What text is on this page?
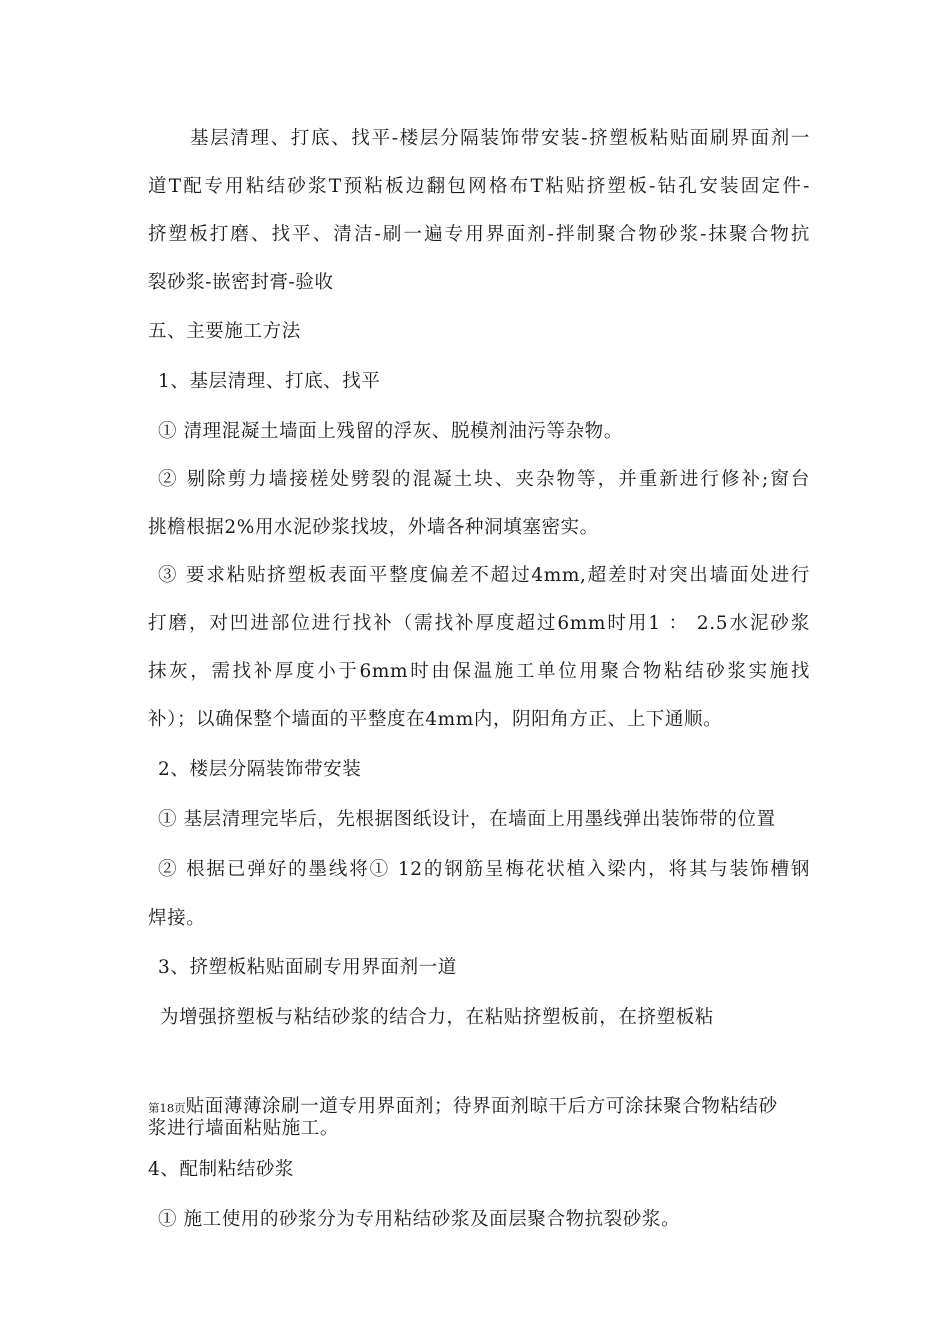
基层清理、打底、找平-楼层分隔装饰带安装-挤塑板粘贴面刷界面剂一
道T配专用粘结砂浆T预粘板边翻包网格布T粘贴挤塑板-钻孔安装固定件-
挤塑板打磨、找平、清洁-刷一遍专用界面剂-拌制聚合物砂浆-抹聚合物抗
裂砂浆-嵌密封膏-验收
五、主要施工方法
1、基层清理、打底、找平
① 清理混凝土墙面上残留的浮灰、脱模剂油污等杂物。
② 剔除剪力墙接槎处劈裂的混凝土块、夹杂物等，并重新进行修补;窗台
挑檐根据2%用水泥砂浆找坡，外墙各种洞填塞密实。
③ 要求粘贴挤塑板表面平整度偏差不超过4mm,超差时对突出墙面处进行
打磨，对凹进部位进行找补（需找补厚度超过6mm时用1 ： 2.5水泥砂浆
抹灰，需找补厚度小于6mm时由保温施工单位用聚合物粘结砂浆实施找
补）；以确保整个墙面的平整度在4mm内，阴阳角方正、上下通顺。
2、楼层分隔装饰带安装
① 基层清理完毕后，先根据图纸设计，在墙面上用墨线弹出装饰带的位置
② 根据已弹好的墨线将① 12的钢筋呈梅花状植入梁内，将其与装饰槽钢
焊接。
3、挤塑板粘贴面刷专用界面剂一道
为增强挤塑板与粘结砂浆的结合力，在粘贴挤塑板前，在挤塑板粘
第18页贴面薄薄涂刷一道专用界面剂；待界面剂晾干后方可涂抹聚合物粘结砂
浆进行墙面粘贴施工。
4、配制粘结砂浆
① 施工使用的砂浆分为专用粘结砂浆及面层聚合物抗裂砂浆。
